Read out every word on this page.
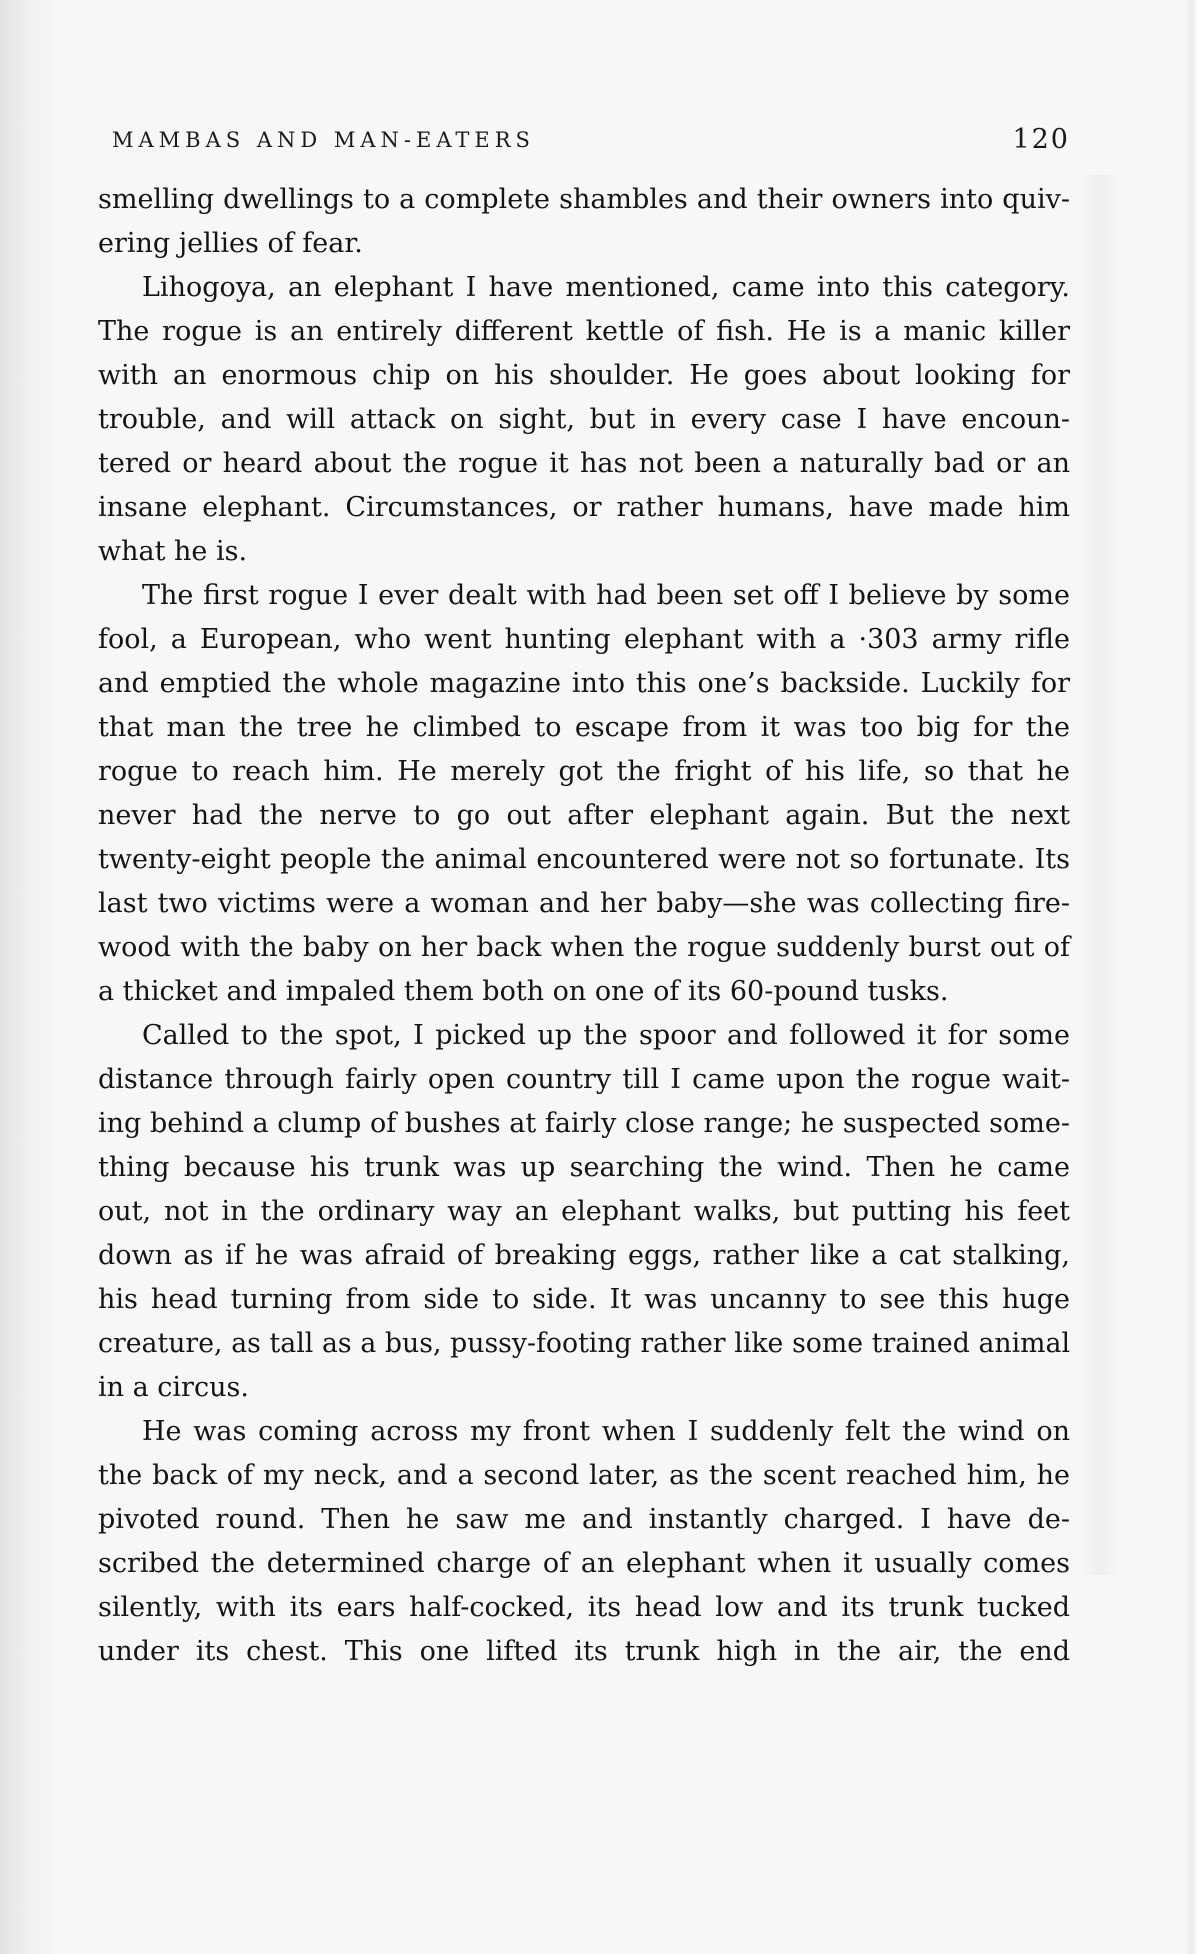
MAMBAS AND MAN-EATERS	120

smelling dwellings to a complete shambles and their owners into quiv-
ering jellies of fear.

Lihogoya, an elephant I have mentioned, came into this category.
The rogue is an entirely different kettle of fish. He is a manic killer
with an enormous chip on his shoulder. He goes about looking for
trouble, and will attack on sight, but in every case I have encoun-
tered or heard about the rogue it has not been a naturally bad or an
insane elephant. Circumstances, or rather humans, have made him
what he is.

The first rogue I ever dealt with had been set off I believe by some
fool, a European, who went hunting elephant with a ·303 army rifle
and emptied the whole magazine into this one’s backside. Luckily for
that man the tree he climbed to escape from it was too big for the
rogue to reach him. He merely got the fright of his life, so that he
never had the nerve to go out after elephant again. But the next
twenty-eight people the animal encountered were not so fortunate. Its
last two victims were a woman and her baby—she was collecting fire-
wood with the baby on her back when the rogue suddenly burst out of
a thicket and impaled them both on one of its 60-pound tusks.

Called to the spot, I picked up the spoor and followed it for some
distance through fairly open country till I came upon the rogue wait-
ing behind a clump of bushes at fairly close range; he suspected some-
thing because his trunk was up searching the wind. Then he came
out, not in the ordinary way an elephant walks, but putting his feet
down as if he was afraid of breaking eggs, rather like a cat stalking,
his head turning from side to side. It was uncanny to see this huge
creature, as tall as a bus, pussy-footing rather like some trained animal
in a circus.

He was coming across my front when I suddenly felt the wind on
the back of my neck, and a second later, as the scent reached him, he
pivoted round. Then he saw me and instantly charged. I have de-
scribed the determined charge of an elephant when it usually comes
silently, with its ears half-cocked, its head low and its trunk tucked
under its chest. This one lifted its trunk high in the air, the end
